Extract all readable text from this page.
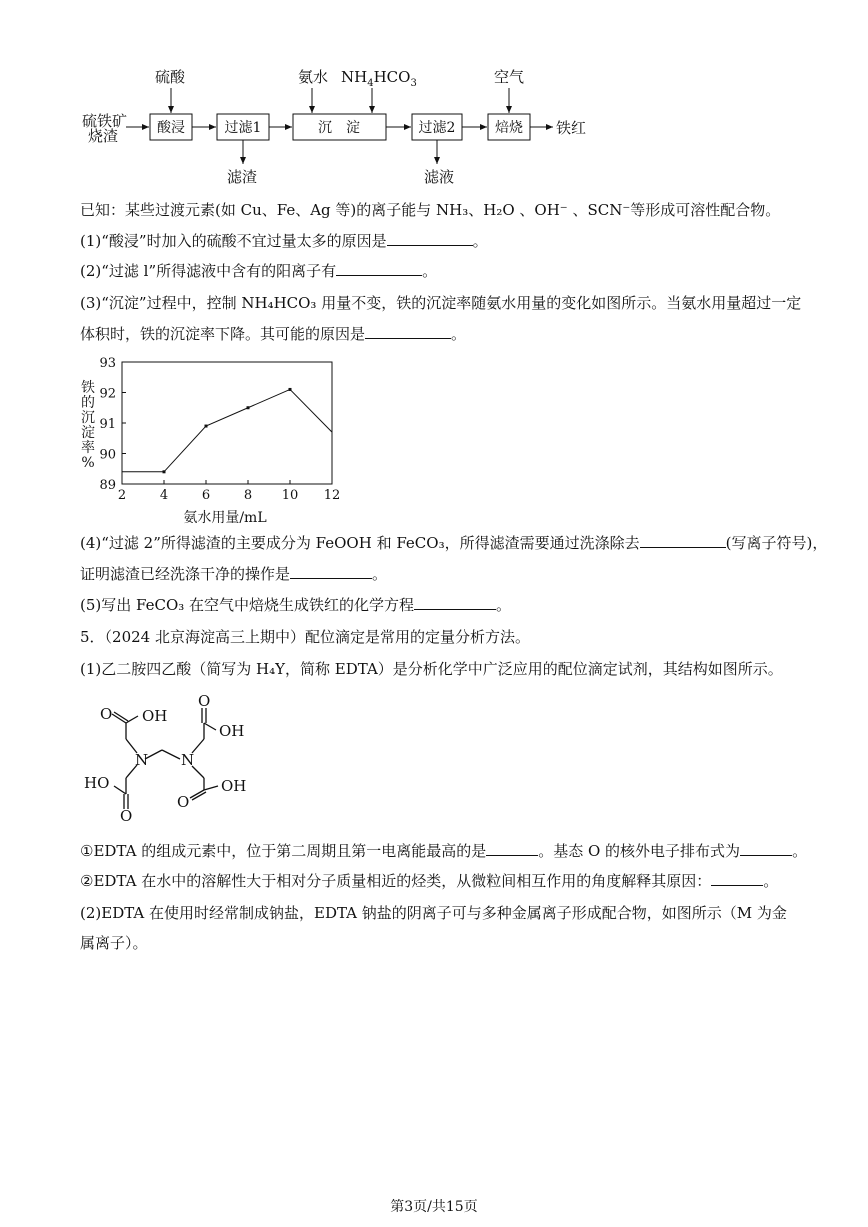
硫铁矿
烧渣
硫酸	氨水 $NH_4HCO_3$	空气
铁红
滤渣	滤液
酸浸	过滤1	沉　淀	过滤2	焙烧
已知：某些过渡元素(如 Cu、Fe、Ag 等)的离子能与 NH₃、H₂O 、OH⁻ 、SCN⁻等形成可溶性配合物。
(1)“酸浸”时加入的硫酸不宜过量太多的原因是	。
(2)“过滤 l”所得滤液中含有的阳离子有	。
(3)“沉淀”过程中，控制 NH₄HCO₃ 用量不变，铁的沉淀率随氨水用量的变化如图所示。当氨水用量超过一定
体积时，铁的沉淀率下降。其可能的原因是	。
铁
的
沉
淀
率
%
2	4	6	8 10 12
89
90
91
92
93
氨水用量/mL
(4)“过滤 2”所得滤渣的主要成分为 FeOOH 和 FeCO₃，所得滤渣需要通过洗涤除去	(写离子符号)，
证明滤渣已经洗涤干净的操作是	。
(5)写出 FeCO₃ 在空气中焙烧生成铁红的化学方程	。
5．（2024 北京海淀高三上期中）配位滴定是常用的定量分析方法。
(1)乙二胺四乙酸（简写为 H₄Y，简称 EDTA）是分析化学中广泛应用的配位滴定试剂，其结构如图所示。
O OH
N N
O
OH
HO
O
O
OH
①EDTA 的组成元素中，位于第二周期且第一电离能最高的是	。基态 O 的核外电子排布式为	。
②EDTA 在水中的溶解性大于相对分子质量相近的烃类，从微粒间相互作用的角度解释其原因：	。
(2)EDTA 在使用时经常制成钠盐，EDTA 钠盐的阴离子可与多种金属离子形成配合物，如图所示（M 为金
属离子）。
第3页/共15页
